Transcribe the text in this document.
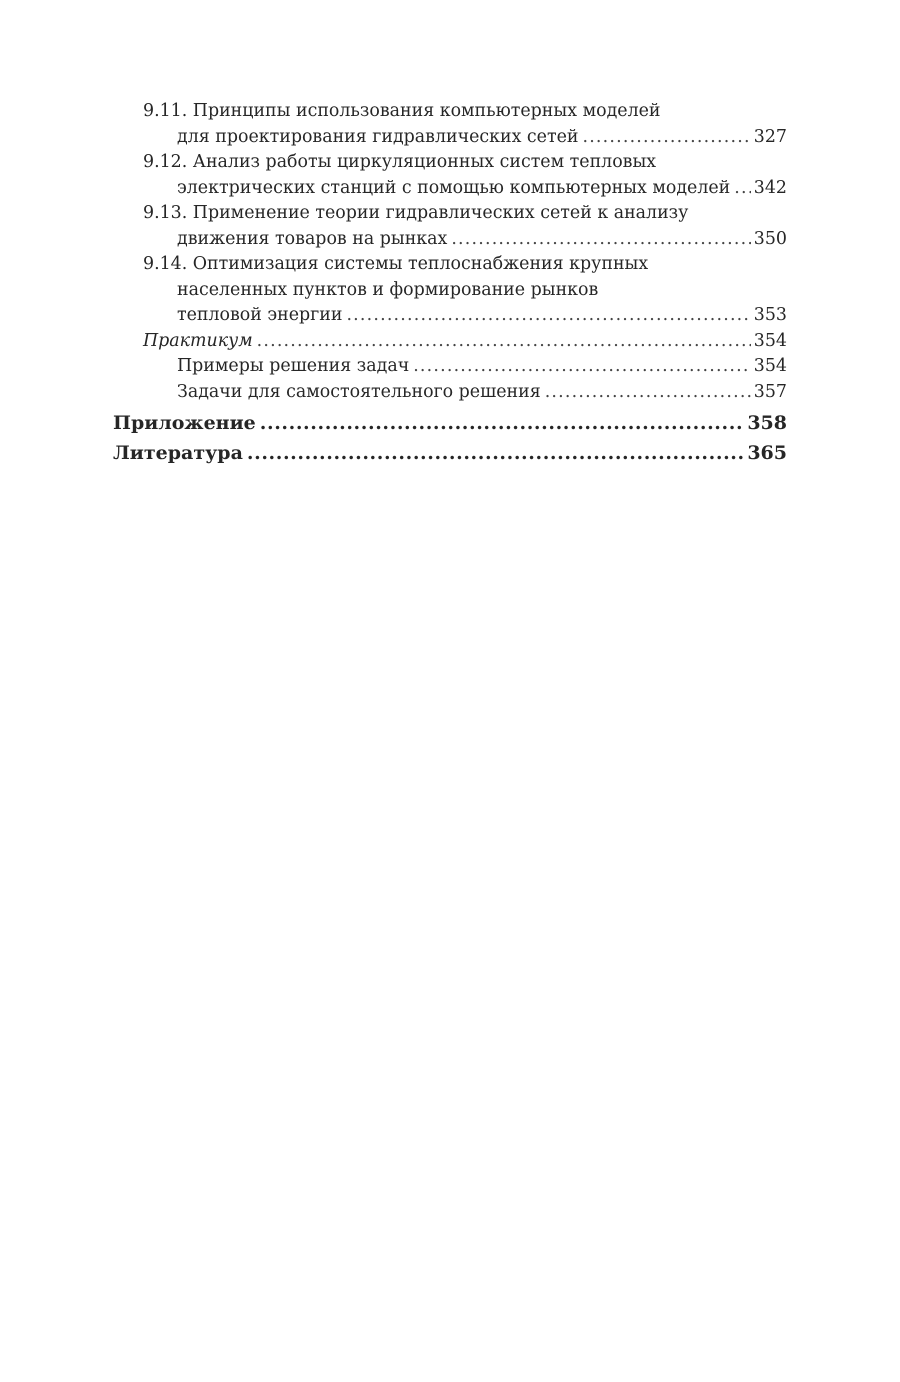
9.11. Принципы использования компьютерных моделей
для проектирования гидравлических сетей .....	327
9.12. Анализ работы циркуляционных систем тепловых
электрических станций с помощью компьютерных моделей ..... 342
9.13. Применение теории гидравлических сетей к анализу
движения товаров на рынках .....	350
9.14. Оптимизация системы теплоснабжения крупных
населенных пунктов и формирование рынков
тепловой энергии .....	353
Практикум .....	354
Примеры решения задач .....	354
Задачи для самостоятельного решения .....	357
Приложение .....	358
Литература .....	365
